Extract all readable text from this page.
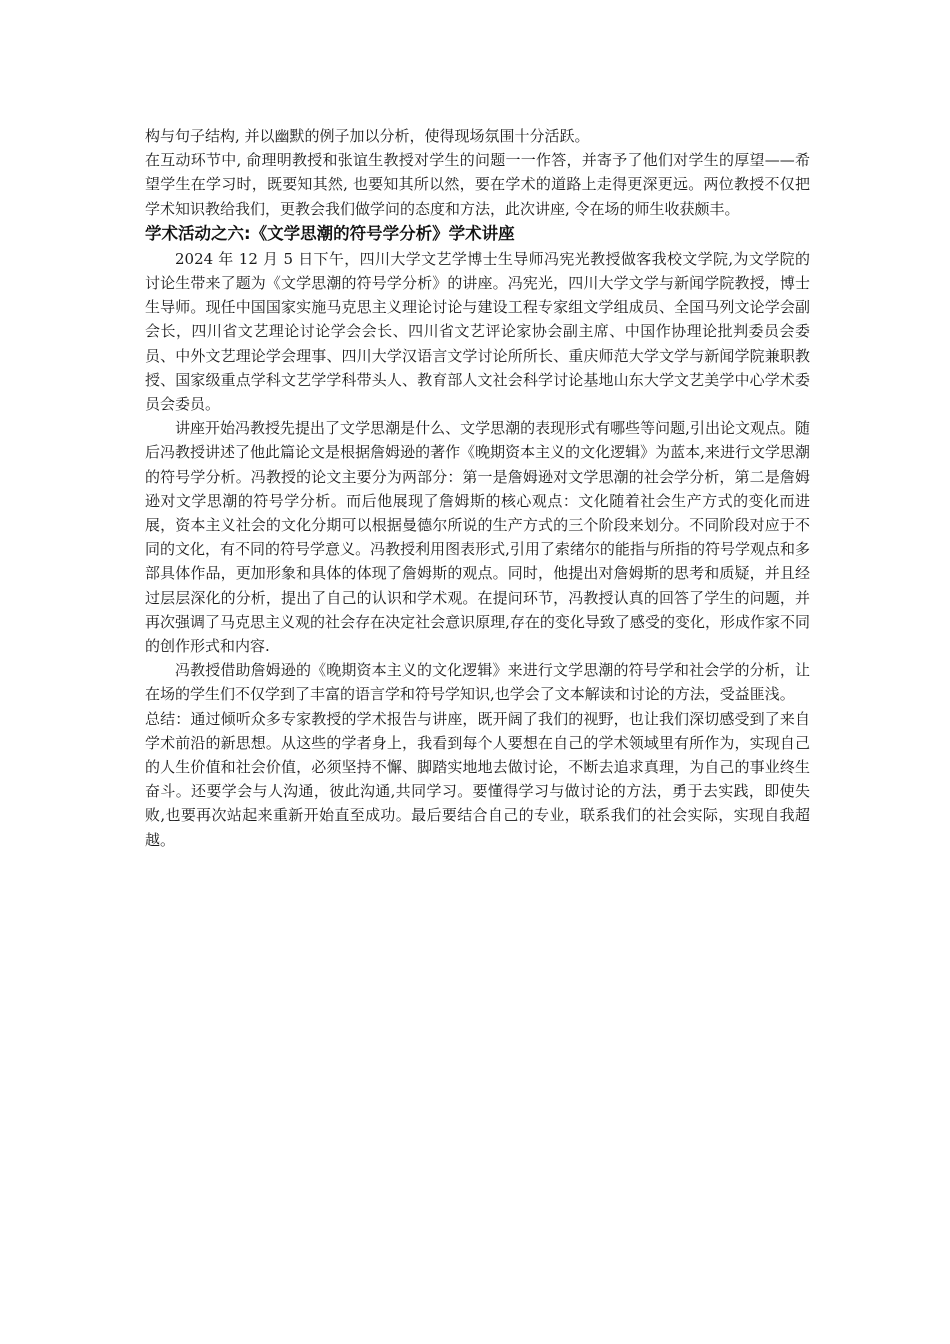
构与句子结构, 并以幽默的例子加以分析，使得现场氛围十分活跃。

在互动环节中, 俞理明教授和张谊生教授对学生的问题一一作答，并寄予了他们对学生的厚望——希望学生在学习时，既要知其然, 也要知其所以然，要在学术的道路上走得更深更远。两位教授不仅把学术知识教给我们，更教会我们做学问的态度和方法，此次讲座, 令在场的师生收获颇丰。

学术活动之六:《文学思潮的符号学分析》学术讲座

2024 年 12 月 5 日下午，四川大学文艺学博士生导师冯宪光教授做客我校文学院,为文学院的讨论生带来了题为《文学思潮的符号学分析》的讲座。冯宪光，四川大学文学与新闻学院教授，博士生导师。现任中国国家实施马克思主义理论讨论与建设工程专家组文学组成员、全国马列文论学会副会长，四川省文艺理论讨论学会会长、四川省文艺评论家协会副主席、中国作协理论批判委员会委员、中外文艺理论学会理事、四川大学汉语言文学讨论所所长、重庆师范大学文学与新闻学院兼职教授、国家级重点学科文艺学学科带头人、教育部人文社会科学讨论基地山东大学文艺美学中心学术委员会委员。

讲座开始冯教授先提出了文学思潮是什么、文学思潮的表现形式有哪些等问题,引出论文观点。随后冯教授讲述了他此篇论文是根据詹姆逊的著作《晚期资本主义的文化逻辑》为蓝本,来进行文学思潮的符号学分析。冯教授的论文主要分为两部分：第一是詹姆逊对文学思潮的社会学分析，第二是詹姆逊对文学思潮的符号学分析。而后他展现了詹姆斯的核心观点：文化随着社会生产方式的变化而进展，资本主义社会的文化分期可以根据曼德尔所说的生产方式的三个阶段来划分。不同阶段对应于不同的文化，有不同的符号学意义。冯教授利用图表形式,引用了索绪尔的能指与所指的符号学观点和多部具体作品，更加形象和具体的体现了詹姆斯的观点。同时，他提出对詹姆斯的思考和质疑，并且经过层层深化的分析，提出了自己的认识和学术观。在提问环节，冯教授认真的回答了学生的问题，并再次强调了马克思主义观的社会存在决定社会意识原理,存在的变化导致了感受的变化，形成作家不同的创作形式和内容.

冯教授借助詹姆逊的《晚期资本主义的文化逻辑》来进行文学思潮的符号学和社会学的分析，让在场的学生们不仅学到了丰富的语言学和符号学知识,也学会了文本解读和讨论的方法，受益匪浅。

总结：通过倾听众多专家教授的学术报告与讲座，既开阔了我们的视野，也让我们深切感受到了来自学术前沿的新思想。从这些的学者身上，我看到每个人要想在自己的学术领域里有所作为，实现自己的人生价值和社会价值，必须坚持不懈、脚踏实地地去做讨论，不断去追求真理，为自己的事业终生奋斗。还要学会与人沟通，彼此沟通,共同学习。要懂得学习与做讨论的方法，勇于去实践，即使失败,也要再次站起来重新开始直至成功。最后要结合自己的专业，联系我们的社会实际，实现自我超越。
